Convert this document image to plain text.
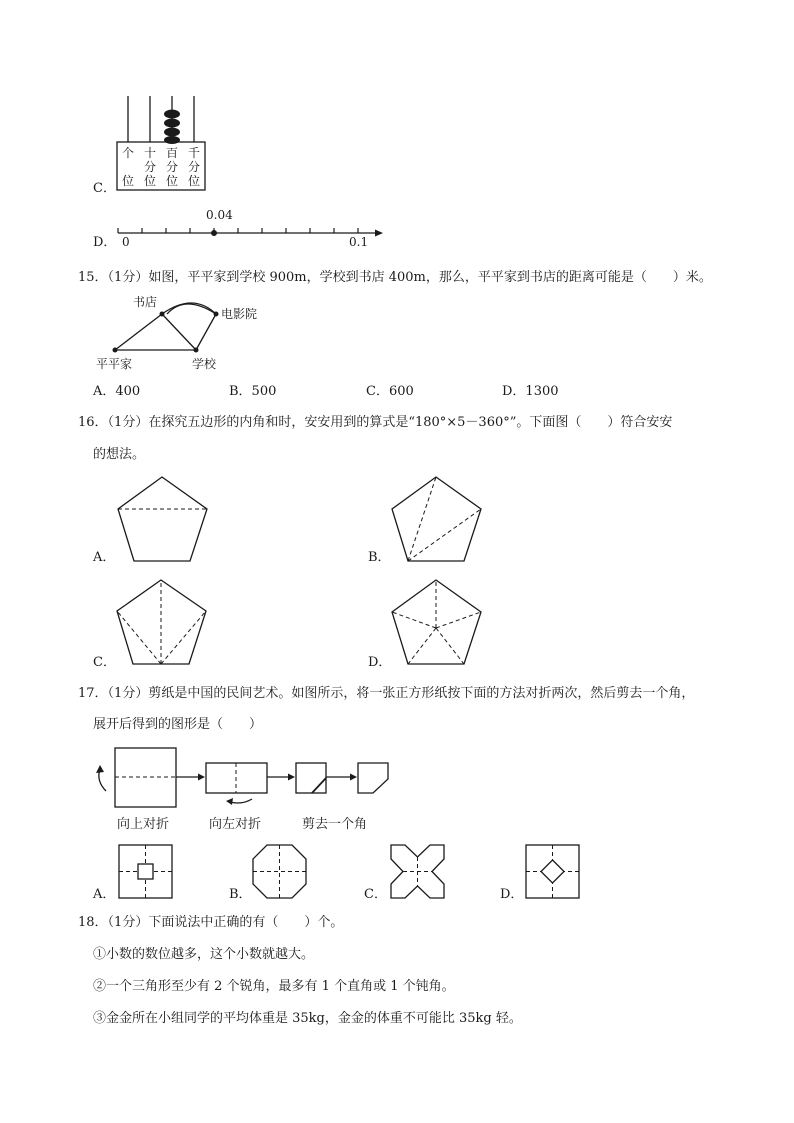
C．
个
位
十
分
位
百
分
位
千
分
位
D．
0.04
0	0.1
15．（1分）如图，平平家到学校 900m，学校到书店 400m，那么，平平家到书店的距离可能是（　　）米。
书店
电影院
平平家	学校
A．400	B．500	C．600	D．1300
16．（1分）在探究五边形的内角和时，安安用到的算式是“180°×5－360°”。下面图（　　）符合安安
的想法。
A．	B．
C．	D．
17．（1分）剪纸是中国的民间艺术。如图所示，将一张正方形纸按下面的方法对折两次，然后剪去一个角，
展开后得到的图形是（　　）
向上对折	向左对折	剪去一个角
A．	B．	C．	D．
18．（1分）下面说法中正确的有（　　）个。
①小数的数位越多，这个小数就越大。
②一个三角形至少有 2 个锐角，最多有 1 个直角或 1 个钝角。
③金金所在小组同学的平均体重是 35kg，金金的体重不可能比 35kg 轻。
